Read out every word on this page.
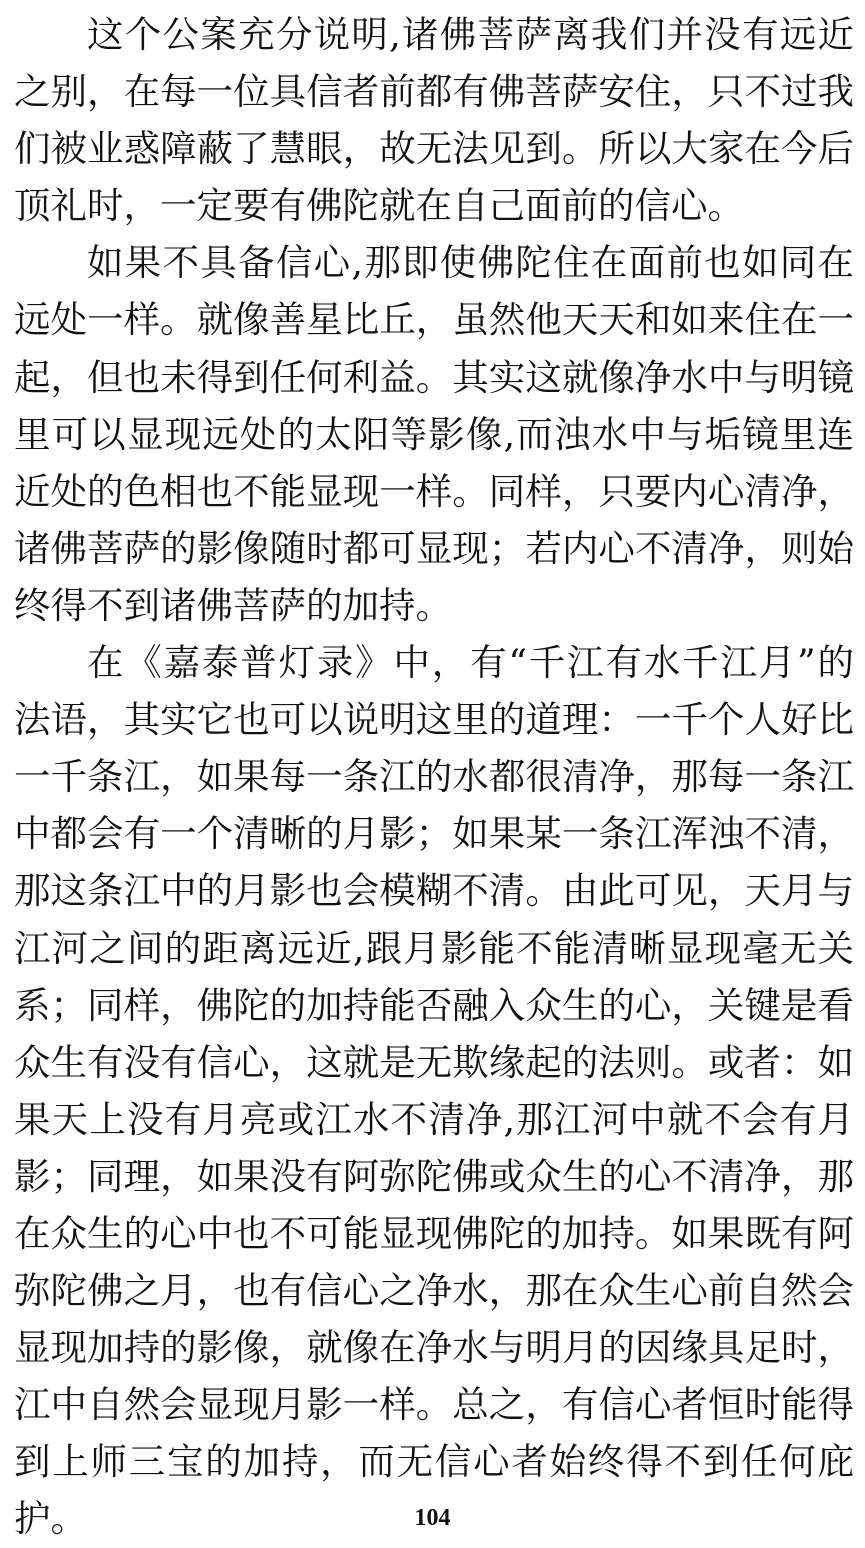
这个公案充分说明,诸佛菩萨离我们并没有远近
之别，在每一位具信者前都有佛菩萨安住，只不过我
们被业惑障蔽了慧眼，故无法见到。所以大家在今后
顶礼时，一定要有佛陀就在自己面前的信心。
如果不具备信心,那即使佛陀住在面前也如同在
远处一样。就像善星比丘，虽然他天天和如来住在一
起，但也未得到任何利益。其实这就像净水中与明镜
里可以显现远处的太阳等影像,而浊水中与垢镜里连
近处的色相也不能显现一样。同样，只要内心清净，
诸佛菩萨的影像随时都可显现；若内心不清净，则始
终得不到诸佛菩萨的加持。
在《嘉泰普灯录》中，有“千江有水千江月”的
法语，其实它也可以说明这里的道理：一千个人好比
一千条江，如果每一条江的水都很清净，那每一条江
中都会有一个清晰的月影；如果某一条江浑浊不清，
那这条江中的月影也会模糊不清。由此可见，天月与
江河之间的距离远近,跟月影能不能清晰显现毫无关
系；同样，佛陀的加持能否融入众生的心，关键是看
众生有没有信心，这就是无欺缘起的法则。或者：如
果天上没有月亮或江水不清净,那江河中就不会有月
影；同理，如果没有阿弥陀佛或众生的心不清净，那
在众生的心中也不可能显现佛陀的加持。如果既有阿
弥陀佛之月，也有信心之净水，那在众生心前自然会
显现加持的影像，就像在净水与明月的因缘具足时，
江中自然会显现月影一样。总之，有信心者恒时能得
到上师三宝的加持，而无信心者始终得不到任何庇
护。	104
